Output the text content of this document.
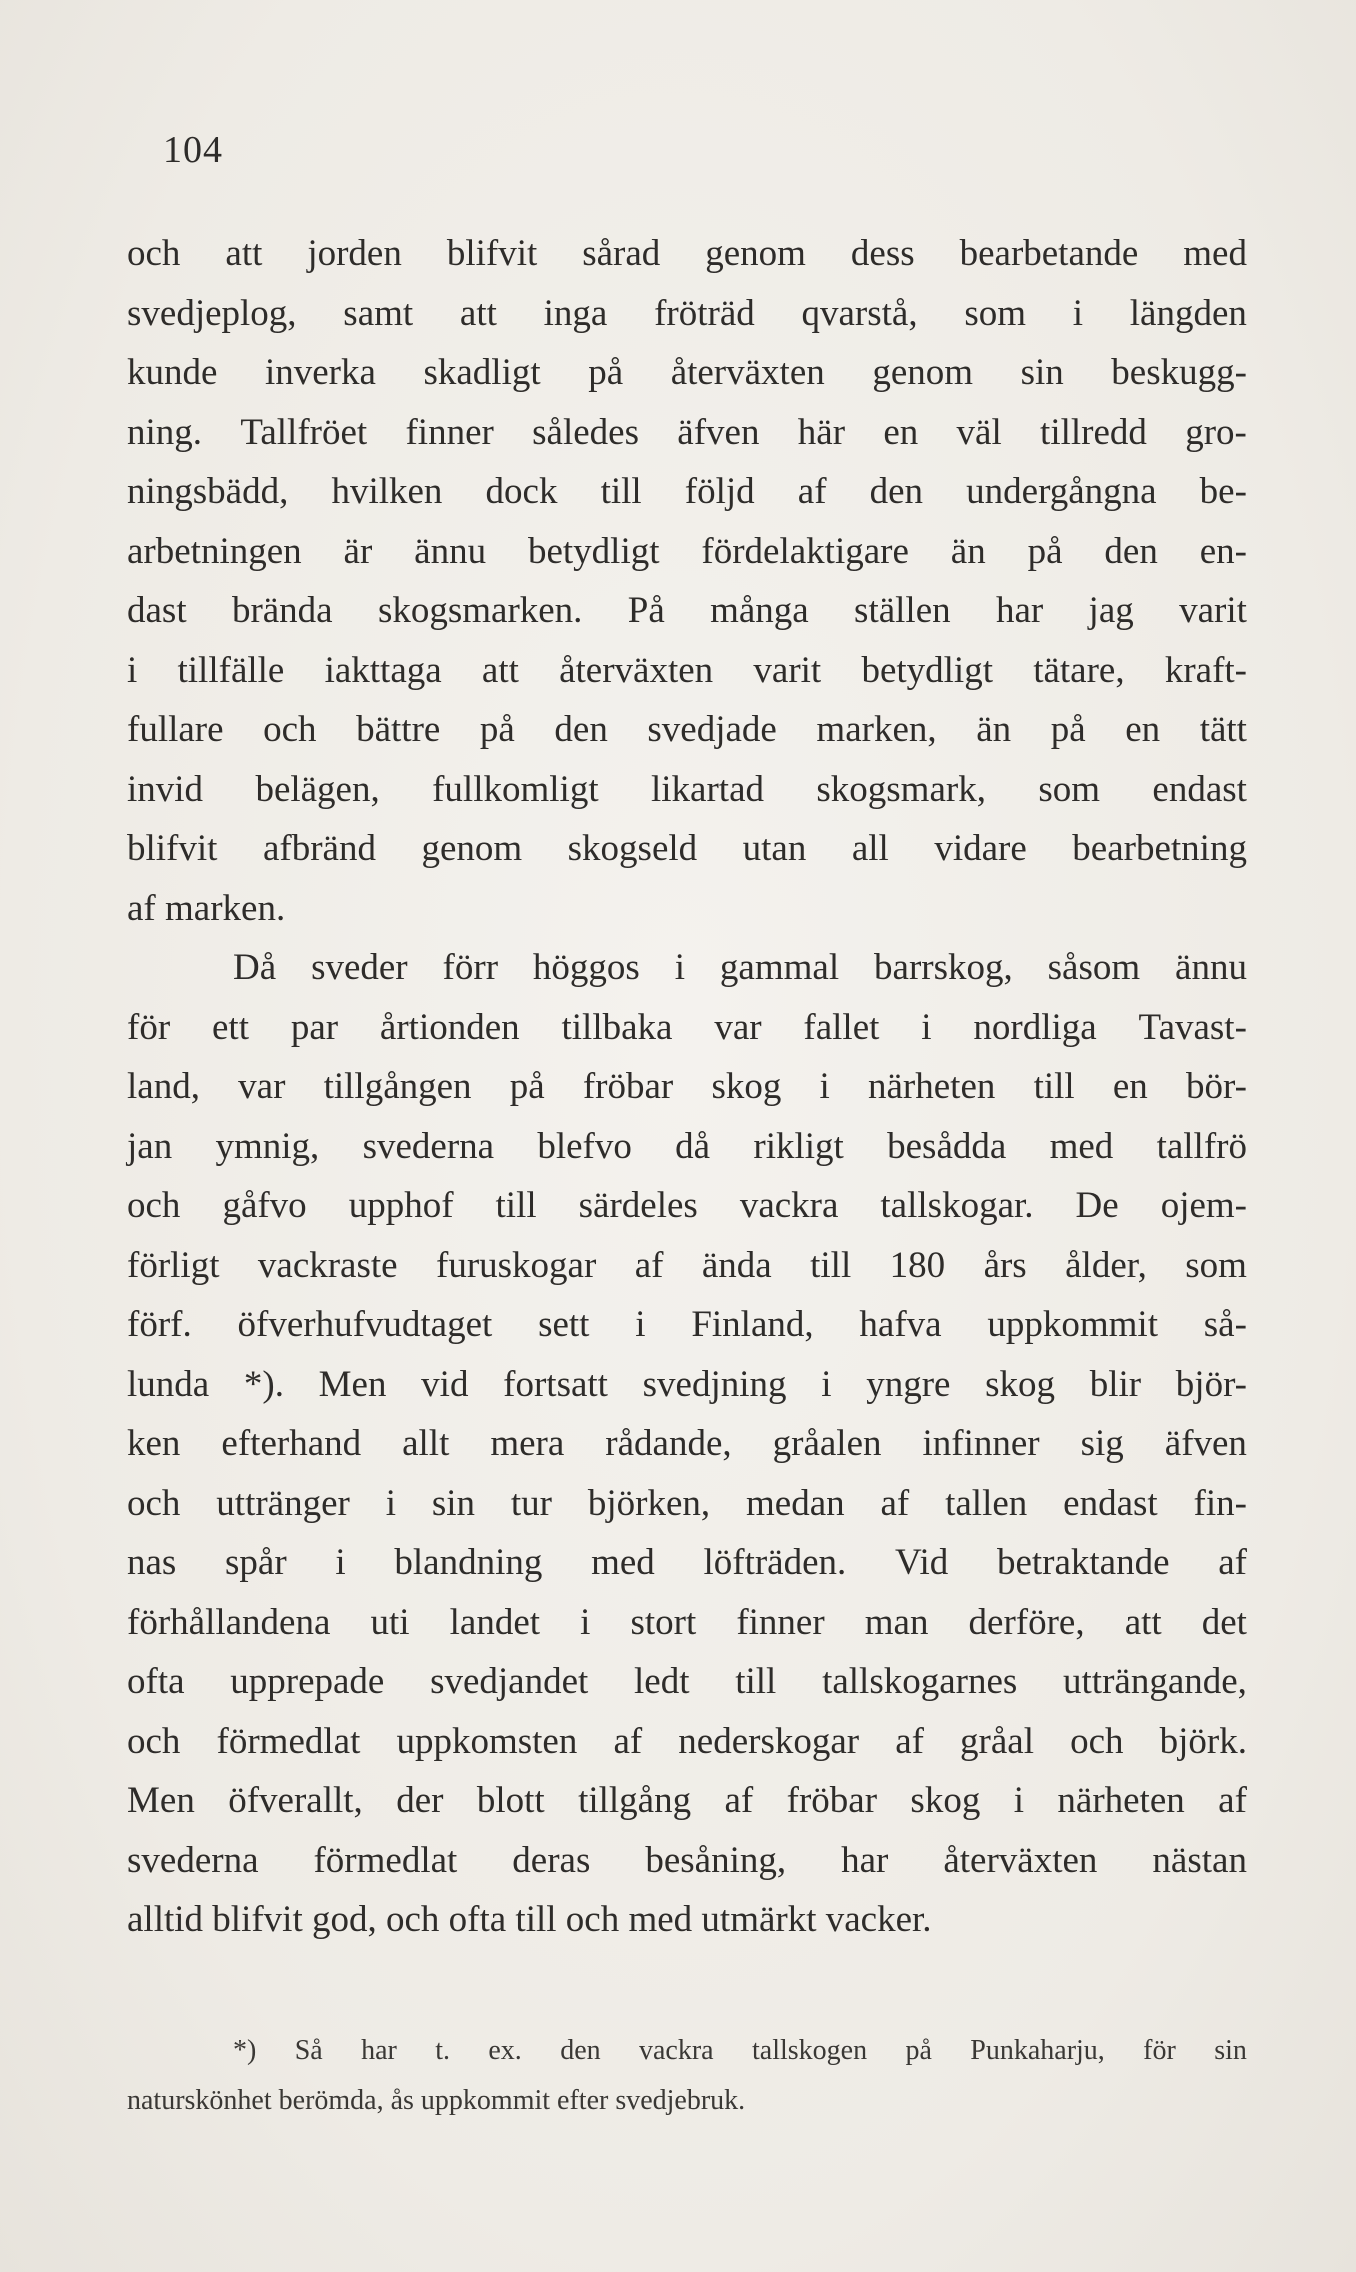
104
och att jorden blifvit sårad genom dess bearbetande med
svedjeplog, samt att inga fröträd qvarstå, som i längden
kunde inverka skadligt på återväxten genom sin beskugg-
ning. Tallfröet finner således äfven här en väl tillredd gro-
ningsbädd, hvilken dock till följd af den undergångna be-
arbetningen är ännu betydligt fördelaktigare än på den en-
dast brända skogsmarken. På många ställen har jag varit
i tillfälle iakttaga att återväxten varit betydligt tätare, kraft-
fullare och bättre på den svedjade marken, än på en tätt
invid belägen, fullkomligt likartad skogsmark, som endast
blifvit afbränd genom skogseld utan all vidare bearbetning
af marken.
Då sveder förr höggos i gammal barrskog, såsom ännu
för ett par årtionden tillbaka var fallet i nordliga Tavast-
land, var tillgången på fröbar skog i närheten till en bör-
jan ymnig, svederna blefvo då rikligt besådda med tallfrö
och gåfvo upphof till särdeles vackra tallskogar. De ojem-
förligt vackraste furuskogar af ända till 180 års ålder, som
förf. öfverhufvudtaget sett i Finland, hafva uppkommit så-
lunda *). Men vid fortsatt svedjning i yngre skog blir björ-
ken efterhand allt mera rådande, gråalen infinner sig äfven
och uttränger i sin tur björken, medan af tallen endast fin-
nas spår i blandning med löfträden. Vid betraktande af
förhållandena uti landet i stort finner man derföre, att det
ofta upprepade svedjandet ledt till tallskogarnes utträngande,
och förmedlat uppkomsten af nederskogar af gråal och björk.
Men öfverallt, der blott tillgång af fröbar skog i närheten af
svederna förmedlat deras besåning, har återväxten nästan
alltid blifvit god, och ofta till och med utmärkt vacker.
*) Så har t. ex. den vackra tallskogen på Punkaharju, för sin
naturskönhet berömda, ås uppkommit efter svedjebruk.
